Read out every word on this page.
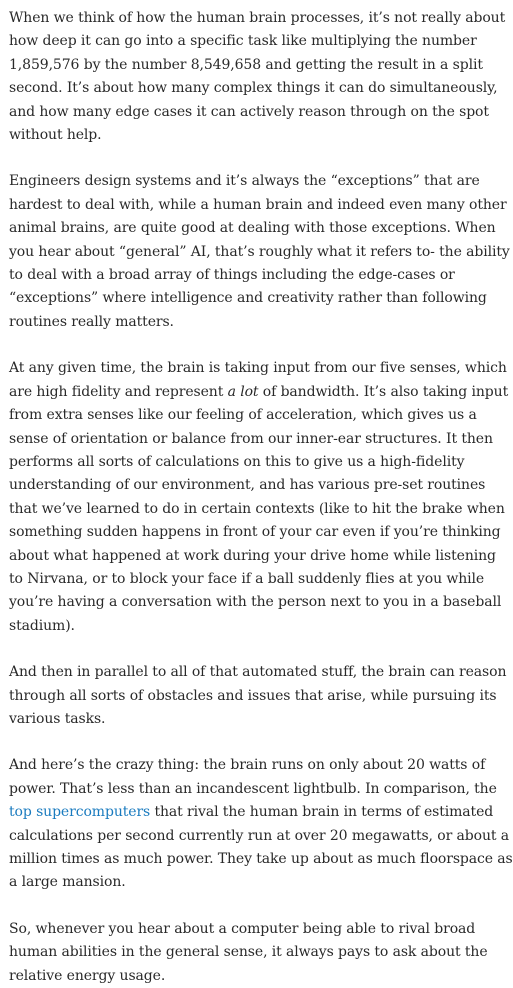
When we think of how the human brain processes, it’s not really about how deep it can go into a specific task like multiplying the number 1,859,576 by the number 8,549,658 and getting the result in a split second. It’s about how many complex things it can do simultaneously, and how many edge cases it can actively reason through on the spot without help.

Engineers design systems and it’s always the “exceptions” that are hardest to deal with, while a human brain and indeed even many other animal brains, are quite good at dealing with those exceptions. When you hear about “general” AI, that’s roughly what it refers to- the ability to deal with a broad array of things including the edge-cases or “exceptions” where intelligence and creativity rather than following routines really matters.

At any given time, the brain is taking input from our five senses, which are high fidelity and represent a lot of bandwidth. It’s also taking input from extra senses like our feeling of acceleration, which gives us a sense of orientation or balance from our inner-ear structures. It then performs all sorts of calculations on this to give us a high-fidelity understanding of our environment, and has various pre-set routines that we’ve learned to do in certain contexts (like to hit the brake when something sudden happens in front of your car even if you’re thinking about what happened at work during your drive home while listening to Nirvana, or to block your face if a ball suddenly flies at you while you’re having a conversation with the person next to you in a baseball stadium).

And then in parallel to all of that automated stuff, the brain can reason through all sorts of obstacles and issues that arise, while pursuing its various tasks.

And here’s the crazy thing: the brain runs on only about 20 watts of power. That’s less than an incandescent lightbulb. In comparison, the top supercomputers that rival the human brain in terms of estimated calculations per second currently run at over 20 megawatts, or about a million times as much power. They take up about as much floorspace as a large mansion.

So, whenever you hear about a computer being able to rival broad human abilities in the general sense, it always pays to ask about the relative energy usage.
